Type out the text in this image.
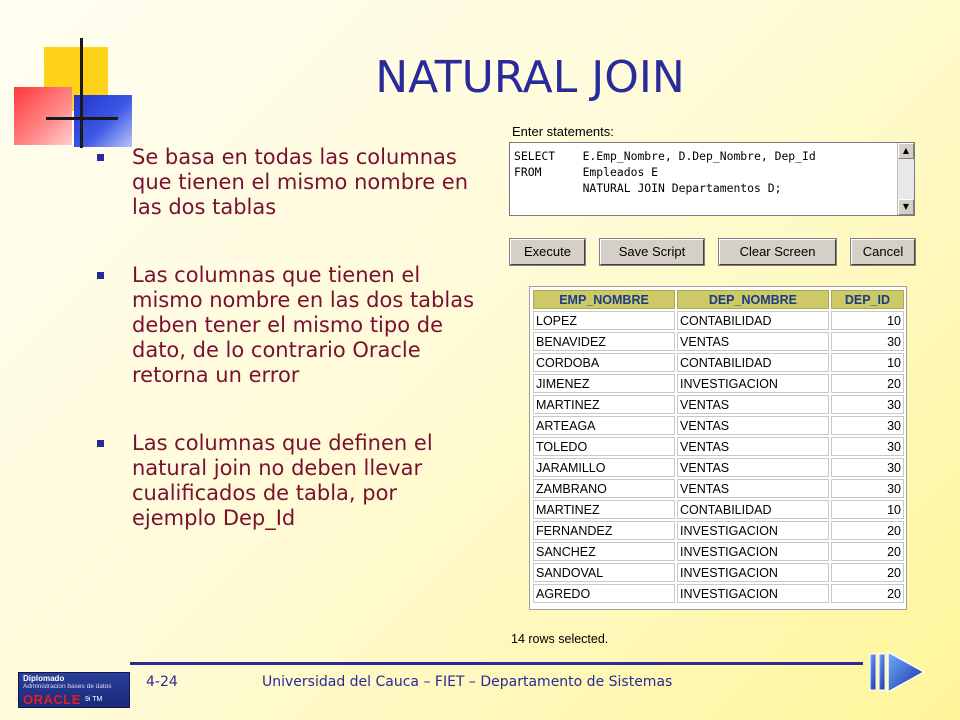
NATURAL JOIN
Se basa en todas las columnas que tienen el mismo nombre en las dos tablas
Las columnas que tienen el mismo nombre en las dos tablas deben tener el mismo tipo de dato, de lo contrario Oracle retorna un error
Las columnas que definen el natural join no deben llevar cualificados de tabla, por ejemplo Dep_Id
Enter statements:
SELECT    E.Emp_Nombre, D.Dep_Nombre, Dep_Id
FROM      Empleados E
NATURAL JOIN Departamentos D;
▲
▼
Execute	Save Script	Clear Screen	Cancel
EMP_NOMBRE	DEP_NOMBRE	DEP_ID
LOPEZ	CONTABILIDAD	10
BENAVIDEZ	VENTAS	30
CORDOBA	CONTABILIDAD	10
JIMENEZ	INVESTIGACION	20
MARTINEZ	VENTAS	30
ARTEAGA	VENTAS	30
TOLEDO	VENTAS	30
JARAMILLO	VENTAS	30
ZAMBRANO	VENTAS	30
MARTINEZ	CONTABILIDAD	10
FERNANDEZ	INVESTIGACION	20
SANCHEZ	INVESTIGACION	20
SANDOVAL	INVESTIGACION	20
AGREDO	INVESTIGACION	20
14 rows selected.
Diplomado
Administracion bases de datos
ORACLE 9i TM
4-24	Universidad del Cauca – FIET – Departamento de Sistemas
